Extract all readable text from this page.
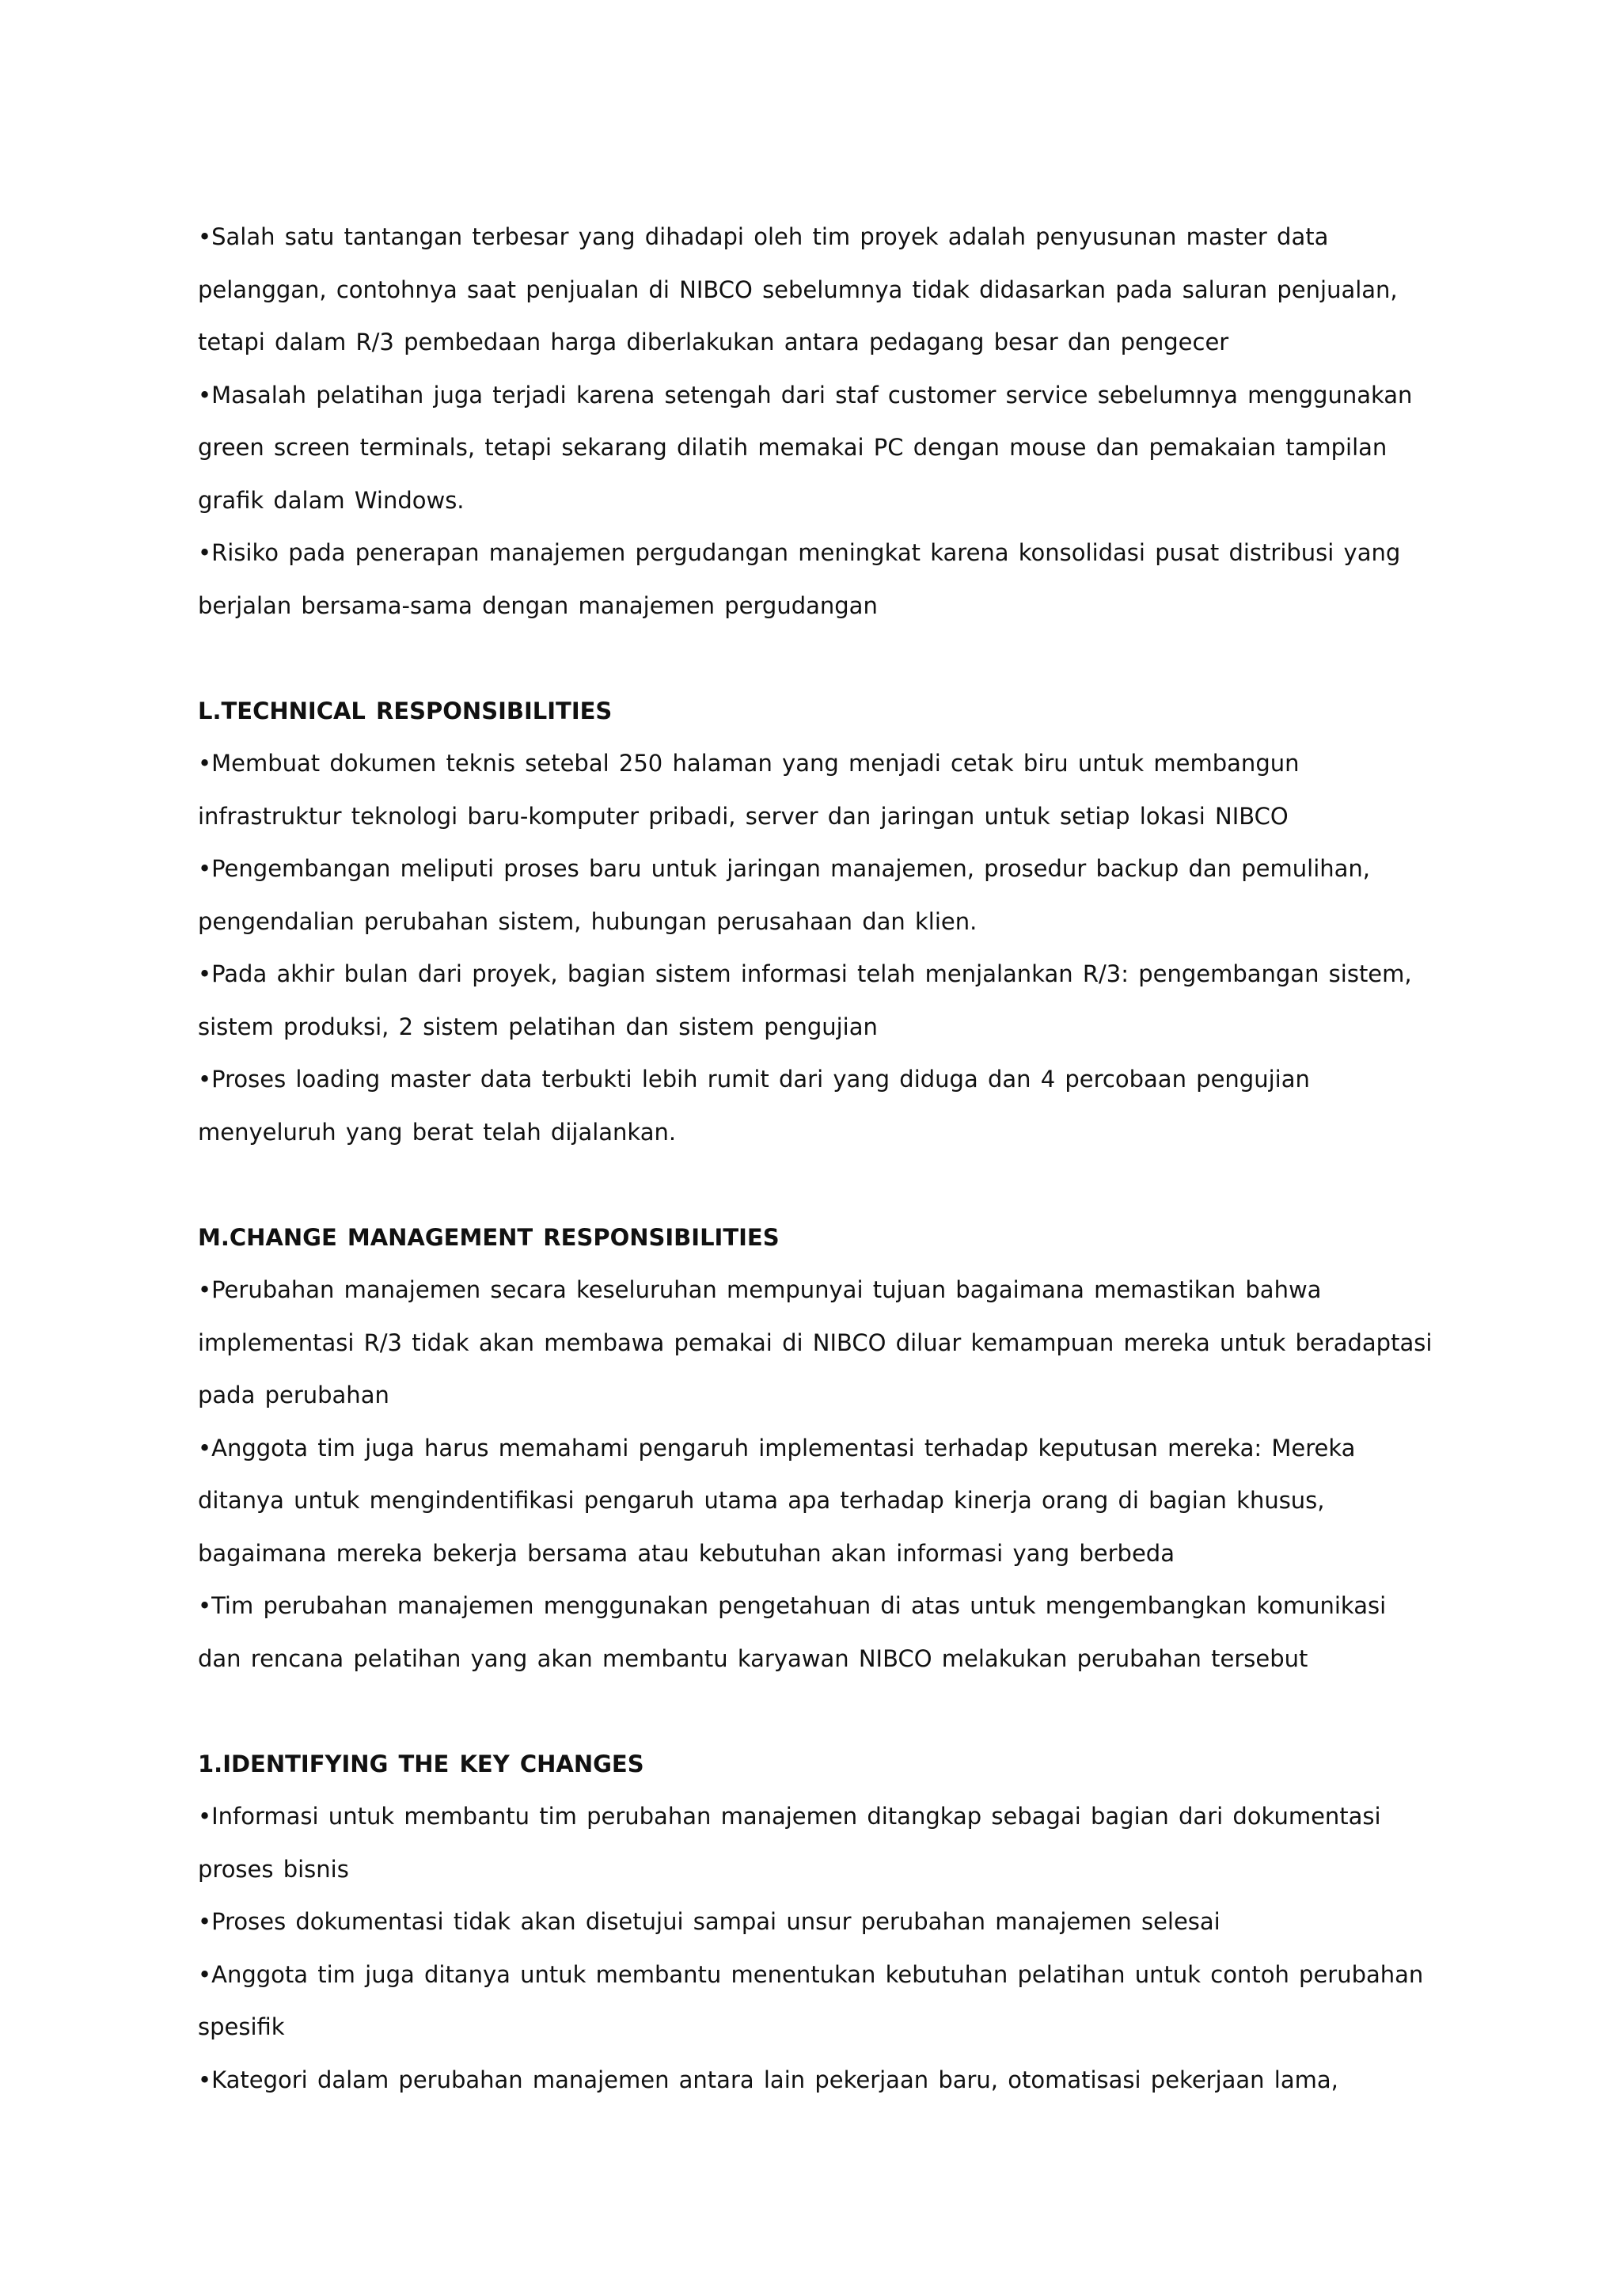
•Salah satu tantangan terbesar yang dihadapi oleh tim proyek adalah penyusunan master data
pelanggan, contohnya saat penjualan di NIBCO sebelumnya tidak didasarkan pada saluran penjualan,
tetapi dalam R/3 pembedaan harga diberlakukan antara pedagang besar dan pengecer
•Masalah pelatihan juga terjadi karena setengah dari staf customer service sebelumnya menggunakan
green screen terminals, tetapi sekarang dilatih memakai PC dengan mouse dan pemakaian tampilan
grafik dalam Windows.
•Risiko pada penerapan manajemen pergudangan meningkat karena konsolidasi pusat distribusi yang
berjalan bersama-sama dengan manajemen pergudangan
L.TECHNICAL RESPONSIBILITIES
•Membuat dokumen teknis setebal 250 halaman yang menjadi cetak biru untuk membangun
infrastruktur teknologi baru-komputer pribadi, server dan jaringan untuk setiap lokasi NIBCO
•Pengembangan meliputi proses baru untuk jaringan manajemen, prosedur backup dan pemulihan,
pengendalian perubahan sistem, hubungan perusahaan dan klien.
•Pada akhir bulan dari proyek, bagian sistem informasi telah menjalankan R/3: pengembangan sistem,
sistem produksi, 2 sistem pelatihan dan sistem pengujian
•Proses loading master data terbukti lebih rumit dari yang diduga dan 4 percobaan pengujian
menyeluruh yang berat telah dijalankan.
M.CHANGE MANAGEMENT RESPONSIBILITIES
•Perubahan manajemen secara keseluruhan mempunyai tujuan bagaimana memastikan bahwa
implementasi R/3 tidak akan membawa pemakai di NIBCO diluar kemampuan mereka untuk beradaptasi
pada perubahan
•Anggota tim juga harus memahami pengaruh implementasi terhadap keputusan mereka: Mereka
ditanya untuk mengindentifikasi pengaruh utama apa terhadap kinerja orang di bagian khusus,
bagaimana mereka bekerja bersama atau kebutuhan akan informasi yang berbeda
•Tim perubahan manajemen menggunakan pengetahuan di atas untuk mengembangkan komunikasi
dan rencana pelatihan yang akan membantu karyawan NIBCO melakukan perubahan tersebut
1.IDENTIFYING THE KEY CHANGES
•Informasi untuk membantu tim perubahan manajemen ditangkap sebagai bagian dari dokumentasi
proses bisnis
•Proses dokumentasi tidak akan disetujui sampai unsur perubahan manajemen selesai
•Anggota tim juga ditanya untuk membantu menentukan kebutuhan pelatihan untuk contoh perubahan
spesifik
•Kategori dalam perubahan manajemen antara lain pekerjaan baru, otomatisasi pekerjaan lama,
